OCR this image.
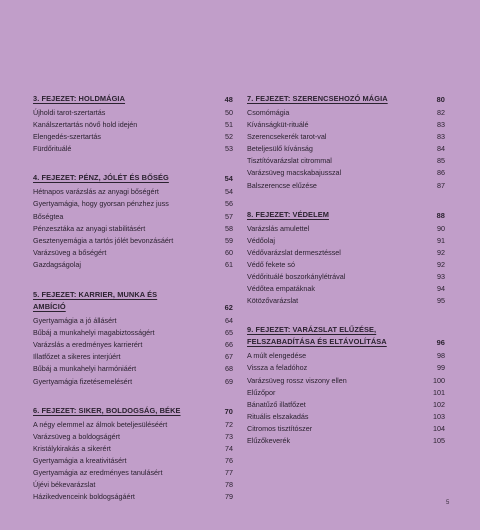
3. FEJEZET: HOLDMÁGIA	48
Újholdi tarot-szertartás	50
Kanálszertartás növő hold idején	51
Elengedés-szertartás	52
Fürdőrituálé	53
4. FEJEZET: PÉNZ, JÓLÉT ÉS BŐSÉG	54
Hétnapos varázslás az anyagi bőségért	54
Gyertyamágia, hogy gyorsan pénzhez juss	56
Bőségtea	57
Pénzesztáka az anyagi stabilitásért	58
Gesztenyemágia a tartós jólét bevonzásáért	59
Varázsüveg a bőségért	60
Gazdagságolaj	61
5. FEJEZET: KARRIER, MUNKA ÉS AMBÍCIÓ	62
Gyertyamágia a jó állásért	64
Bűbáj a munkahelyi magabiztosságért	65
Varázslás a eredményes karrierért	66
Illatfőzet a sikeres interjúért	67
Bűbáj a munkahelyi harmóniáért	68
Gyertyamágia fizetésemelésért	69
6. FEJEZET: SIKER, BOLDOGSÁG, BÉKE	70
A négy elemmel az álmok beteljesüléséért	72
Varázsüveg a boldogságért	73
Kristálykirakás a sikerért	74
Gyertyamágia a kreativitásért	76
Gyertyamágia az eredményes tanulásért	77
Újévi békevarázslat	78
Házikedvenceink boldogságáért	79
7. FEJEZET: SZERENCSEHOZÓ MÁGIA	80
Csomómágia	82
Kívánságküt-rituálé	83
Szerencsekerék tarot-val	83
Beteljesülő kívánság	84
Tisztítóvarázslat citrommal	85
Varázsüveg macskabajusszal	86
Balszerencse elűzése	87
8. FEJEZET: VÉDELEM	88
Varázslás amulettel	90
Védőolaj	91
Védővarázslat dermesztéssel	92
Védő fekete só	92
Védőrituálé boszorkánylétrával	93
Védőtea empatáknak	94
Kötözővarázslat	95
9. FEJEZET: VARÁZSLAT ELŰZÉSE, FELSZABADÍTÁSA ÉS ELTÁVOLÍTÁSA	96
A múlt elengedése	98
Vissza a feladóhoz	99
Varázsüveg rossz viszony ellen	100
Elűzőpor	101
Bánatűző illatfőzet	102
Rituális elszakadás	103
Citromos tisztítószer	104
Elűzőkeverék	105
5
